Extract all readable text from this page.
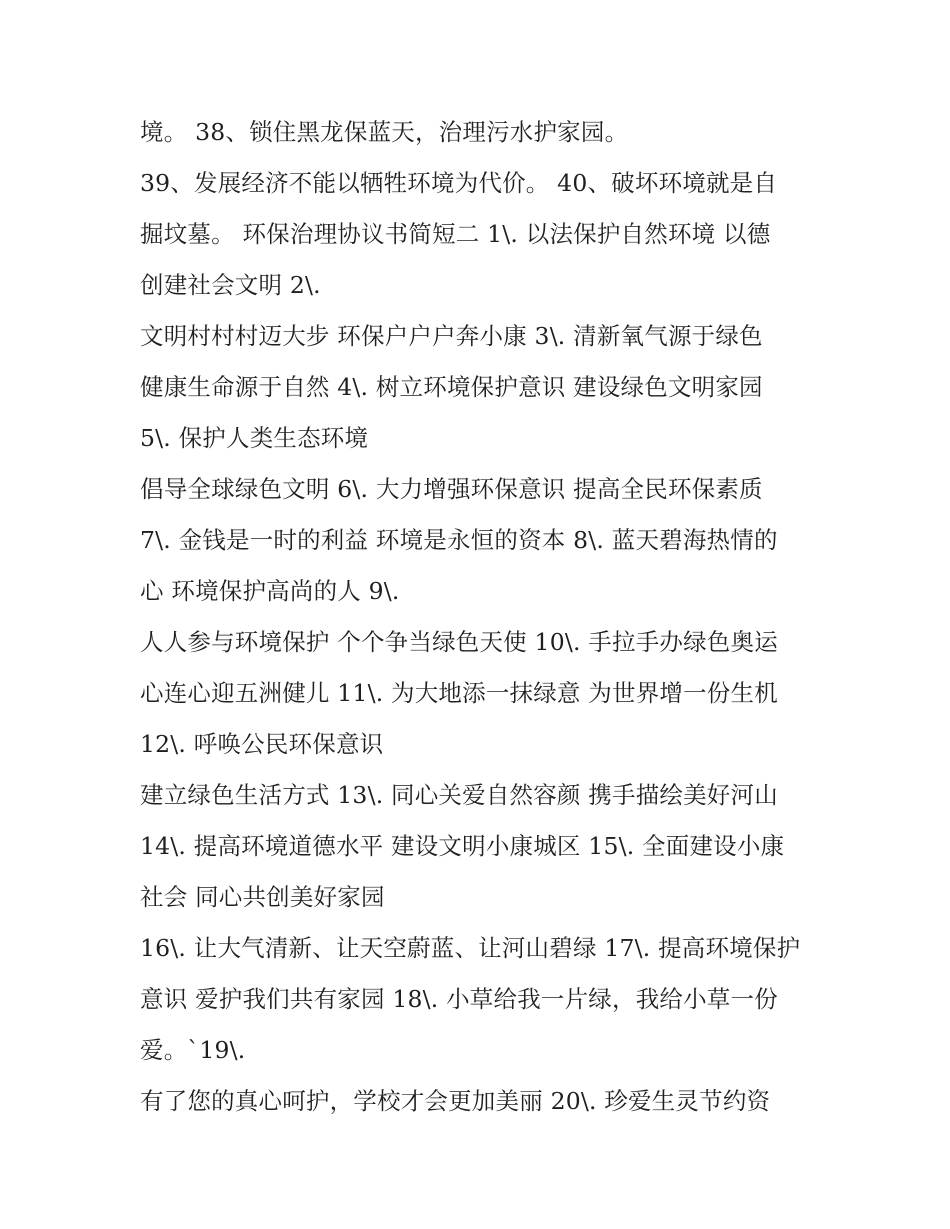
境。 38、锁住黑龙保蓝天，治理污水护家园。
39、发展经济不能以牺牲环境为代价。 40、破坏环境就是自
掘坟墓。 环保治理协议书简短二 1\. 以法保护自然环境 以德
创建社会文明 2\.
文明村村村迈大步 环保户户户奔小康 3\. 清新氧气源于绿色
健康生命源于自然 4\. 树立环境保护意识 建设绿色文明家园
5\. 保护人类生态环境
倡导全球绿色文明 6\. 大力增强环保意识 提高全民环保素质
7\. 金钱是一时的利益 环境是永恒的资本 8\. 蓝天碧海热情的
心 环境保护高尚的人 9\.
人人参与环境保护 个个争当绿色天使 10\. 手拉手办绿色奥运
心连心迎五洲健儿 11\. 为大地添一抹绿意 为世界增一份生机
12\. 呼唤公民环保意识
建立绿色生活方式 13\. 同心关爱自然容颜 携手描绘美好河山
14\. 提高环境道德水平 建设文明小康城区 15\. 全面建设小康
社会 同心共创美好家园
16\. 让大气清新、让天空蔚蓝、让河山碧绿 17\. 提高环境保护
意识 爱护我们共有家园 18\. 小草给我一片绿，我给小草一份
爱。`19\.
有了您的真心呵护，学校才会更加美丽 20\. 珍爱生灵节约资
